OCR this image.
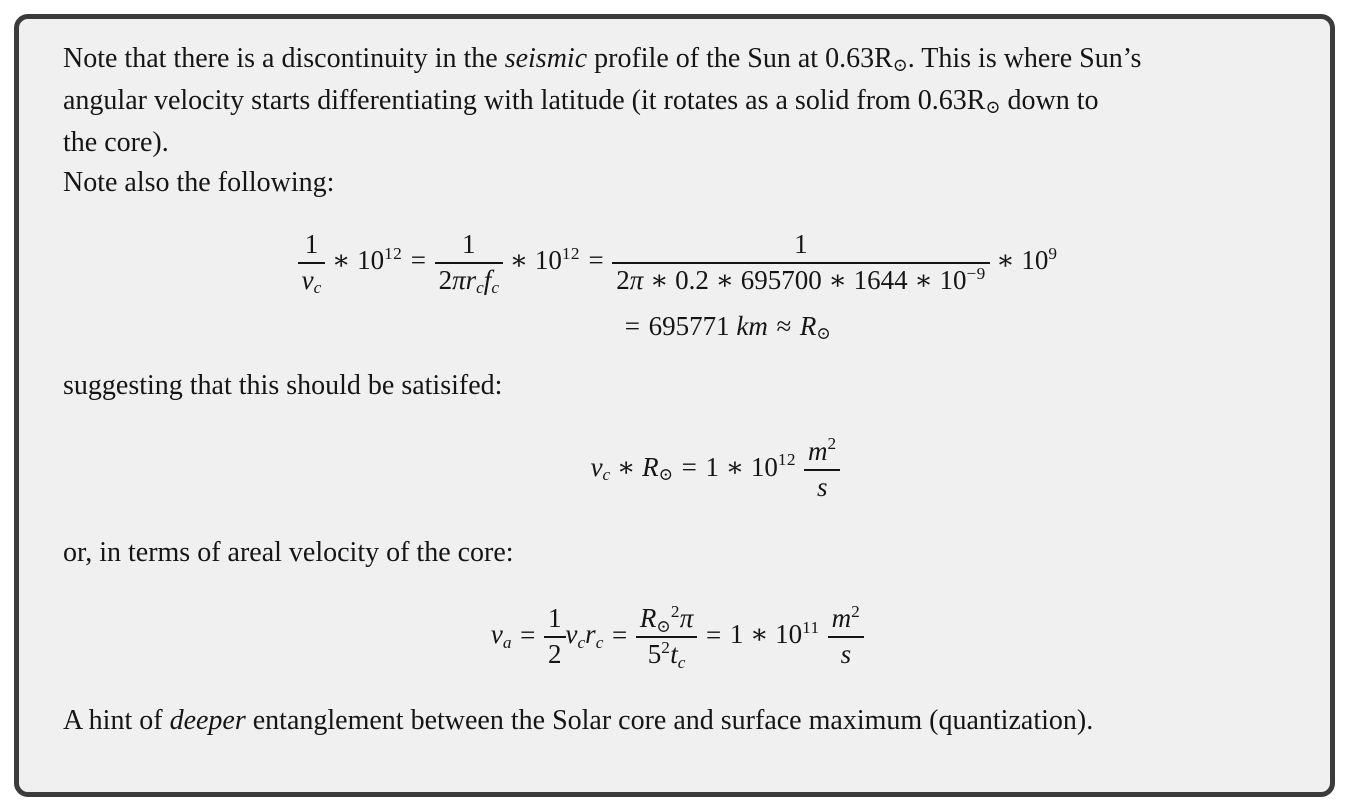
Note that there is a discontinuity in the seismic profile of the Sun at 0.63R⊙. This is where Sun’s
angular velocity starts differentiating with latitude (it rotates as a solid from 0.63R⊙ down to
the core).
Note also the following:
$\frac{1}{vc}$ ∗ $10^{12} = \frac{1}{\text{2πrcfc}}$ ∗ $10^{12} = \frac{1}{2\pi ∗ 0.2 ∗ 695700 ∗ 1644 ∗ 10^{-9}}$ ∗ $10^9$
= 695771 km ≈ R⊙
suggesting that this should be satisifed:
vc ∗ R⊙ = 1 ∗ $10^{12} \frac{m^2}{s}$
or, in terms of areal velocity of the core:
va = $\frac{1}{2}$ vcrc = $\frac{R⊙^2\pi}{5^2tc} = 1$ ∗ $10^{11} \frac{m^2}{s}$
A hint of deeper entanglement between the Solar core and surface maximum (quantization).
